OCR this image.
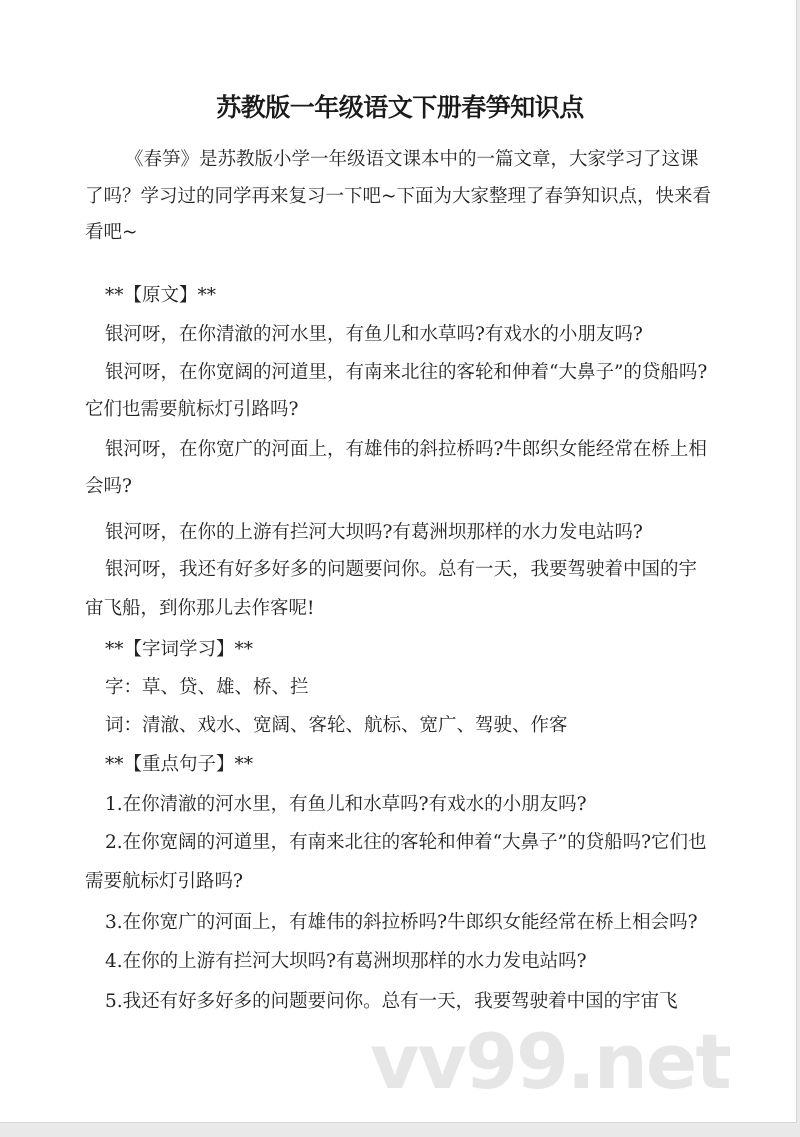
苏教版一年级语文下册春笋知识点
《春笋》是苏教版小学一年级语文课本中的一篇文章，大家学习了这课
了吗？学习过的同学再来复习一下吧~下面为大家整理了春笋知识点，快来看
看吧~
**【原文】**
银河呀，在你清澈的河水里，有鱼儿和水草吗?有戏水的小朋友吗?
银河呀，在你宽阔的河道里，有南来北往的客轮和伸着“大鼻子”的贷船吗?
它们也需要航标灯引路吗?
银河呀，在你宽广的河面上，有雄伟的斜拉桥吗?牛郎织女能经常在桥上相
会吗?
银河呀，在你的上游有拦河大坝吗?有葛洲坝那样的水力发电站吗?
银河呀，我还有好多好多的问题要问你。总有一天，我要驾驶着中国的宇
宙飞船，到你那儿去作客呢!
**【字词学习】**
字：草、贷、雄、桥、拦
词：清澈、戏水、宽阔、客轮、航标、宽广、驾驶、作客
**【重点句子】**
1.在你清澈的河水里，有鱼儿和水草吗?有戏水的小朋友吗?
2.在你宽阔的河道里，有南来北往的客轮和伸着“大鼻子”的贷船吗?它们也
需要航标灯引路吗?
3.在你宽广的河面上，有雄伟的斜拉桥吗?牛郎织女能经常在桥上相会吗?
4.在你的上游有拦河大坝吗?有葛洲坝那样的水力发电站吗?
5.我还有好多好多的问题要问你。总有一天，我要驾驶着中国的宇宙飞
vv99.net
